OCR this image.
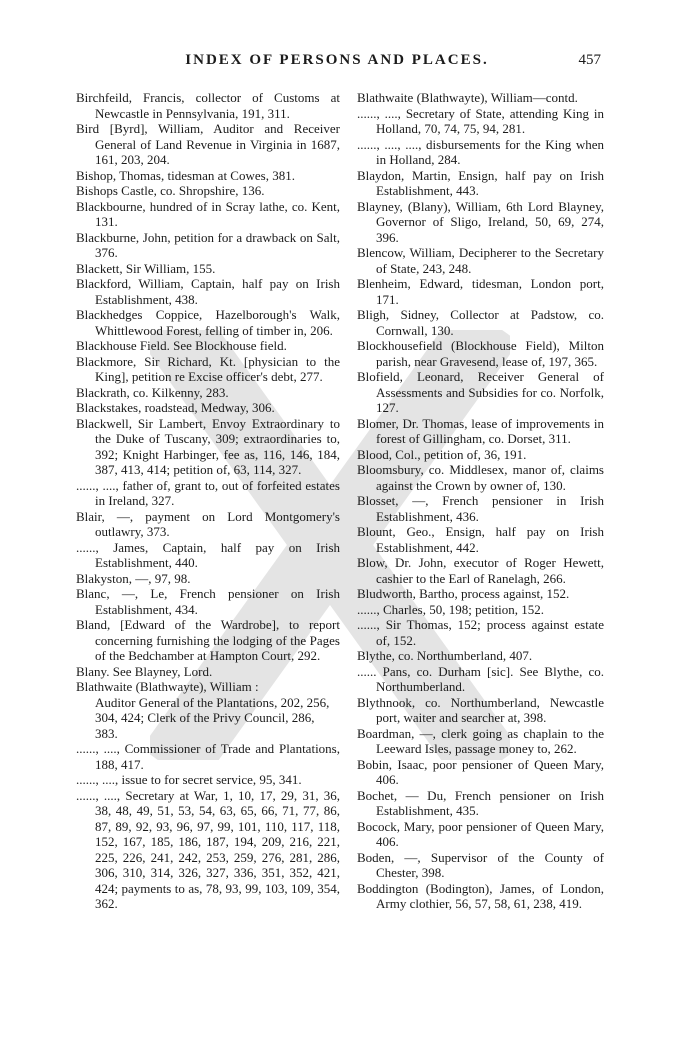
INDEX OF PERSONS AND PLACES.	457

Birchfeild, Francis, collector of Customs at Newcastle in Pennsylvania, 191, 311.

Bird [Byrd], William, Auditor and Receiver General of Land Revenue in Virginia in 1687, 161, 203, 204.

Bishop, Thomas, tidesman at Cowes, 381.

Bishops Castle, co. Shropshire, 136.

Blackbourne, hundred of in Scray lathe, co. Kent, 131.

Blackburne, John, petition for a drawback on Salt, 376.

Blackett, Sir William, 155.

Blackford, William, Captain, half pay on Irish Establishment, 438.

Blackhedges Coppice, Hazelborough's Walk, Whittlewood Forest, felling of timber in, 206.

Blackhouse Field. See Blockhouse field.

Blackmore, Sir Richard, Kt. [physician to the King], petition re Excise officer's debt, 277.

Blackrath, co. Kilkenny, 283.

Blackstakes, roadstead, Medway, 306.

Blackwell, Sir Lambert, Envoy Extraordinary to the Duke of Tuscany, 309; extraordinaries to, 392; Knight Harbinger, fee as, 116, 146, 184, 387, 413, 414; petition of, 63, 114, 327.

......, ...., father of, grant to, out of forfeited estates in Ireland, 327.

Blair, —, payment on Lord Montgomery's outlawry, 373.

......, James, Captain, half pay on Irish Establishment, 440.

Blakyston, —, 97, 98.

Blanc, —, Le, French pensioner on Irish Establishment, 434.

Bland, [Edward of the Wardrobe], to report concerning furnishing the lodging of the Pages of the Bedchamber at Hampton Court, 292.

Blany. See Blayney, Lord.

Blathwaite (Blathwayte), William :

Auditor General of the Plantations, 202, 256, 304, 424; Clerk of the Privy Council, 286, 383.

......, ...., Commissioner of Trade and Plantations, 188, 417.

......, ...., issue to for secret service, 95, 341.

......, ...., Secretary at War, 1, 10, 17, 29, 31, 36, 38, 48, 49, 51, 53, 54, 63, 65, 66, 71, 77, 86, 87, 89, 92, 93, 96, 97, 99, 101, 110, 117, 118, 152, 167, 185, 186, 187, 194, 209, 216, 221, 225, 226, 241, 242, 253, 259, 276, 281, 286, 306, 310, 314, 326, 327, 336, 351, 352, 421, 424; payments to as, 78, 93, 99, 103, 109, 354, 362.

Blathwaite (Blathwayte), William—contd.

......, ...., Secretary of State, attending King in Holland, 70, 74, 75, 94, 281.

......, ...., ...., disbursements for the King when in Holland, 284.

Blaydon, Martin, Ensign, half pay on Irish Establishment, 443.

Blayney, (Blany), William, 6th Lord Blayney, Governor of Sligo, Ireland, 50, 69, 274, 396.

Blencow, William, Decipherer to the Secretary of State, 243, 248.

Blenheim, Edward, tidesman, London port, 171.

Bligh, Sidney, Collector at Padstow, co. Cornwall, 130.

Blockhousefield (Blockhouse Field), Milton parish, near Gravesend, lease of, 197, 365.

Blofield, Leonard, Receiver General of Assessments and Subsidies for co. Norfolk, 127.

Blomer, Dr. Thomas, lease of improvements in forest of Gillingham, co. Dorset, 311.

Blood, Col., petition of, 36, 191.

Bloomsbury, co. Middlesex, manor of, claims against the Crown by owner of, 130.

Blosset, —, French pensioner in Irish Establishment, 436.

Blount, Geo., Ensign, half pay on Irish Establishment, 442.

Blow, Dr. John, executor of Roger Hewett, cashier to the Earl of Ranelagh, 266.

Bludworth, Bartho, process against, 152.

......, Charles, 50, 198; petition, 152.

......, Sir Thomas, 152; process against estate of, 152.

Blythe, co. Northumberland, 407.

...... Pans, co. Durham [sic]. See Blythe, co. Northumberland.

Blythnook, co. Northumberland, Newcastle port, waiter and searcher at, 398.

Boardman, —, clerk going as chaplain to the Leeward Isles, passage money to, 262.

Bobin, Isaac, poor pensioner of Queen Mary, 406.

Bochet, — Du, French pensioner on Irish Establishment, 435.

Bocock, Mary, poor pensioner of Queen Mary, 406.

Boden, —, Supervisor of the County of Chester, 398.

Boddington (Bodington), James, of London, Army clothier, 56, 57, 58, 61, 238, 419.
